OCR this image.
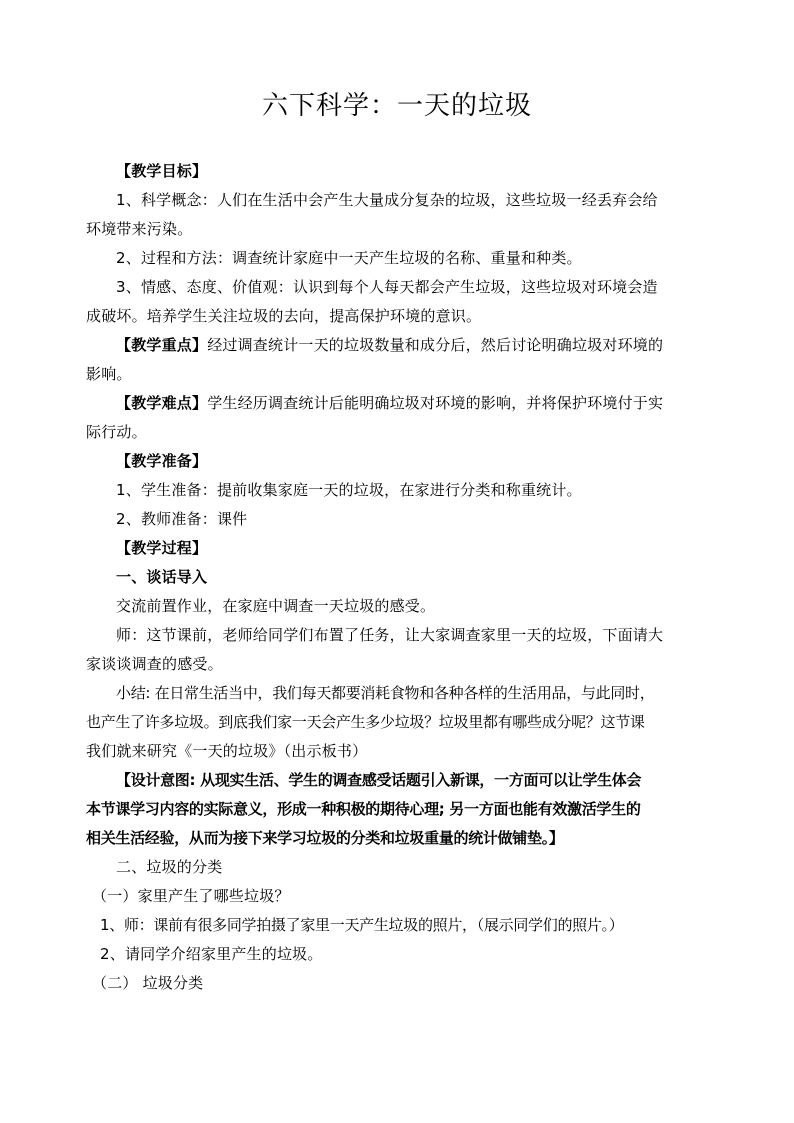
六下科学：一天的垃圾
【教学目标】
1、科学概念：人们在生活中会产生大量成分复杂的垃圾，这些垃圾一经丢弃会给
环境带来污染。
2、过程和方法：调查统计家庭中一天产生垃圾的名称、重量和种类。
3、情感、态度、价值观：认识到每个人每天都会产生垃圾，这些垃圾对环境会造
成破坏。培养学生关注垃圾的去向，提高保护环境的意识。
【教学重点】经过调查统计一天的垃圾数量和成分后，然后讨论明确垃圾对环境的
影响。
【教学难点】学生经历调查统计后能明确垃圾对环境的影响，并将保护环境付于实
际行动。
【教学准备】
1、学生准备：提前收集家庭一天的垃圾，在家进行分类和称重统计。
2、教师准备：课件
【教学过程】
一、谈话导入
交流前置作业，在家庭中调查一天垃圾的感受。
师：这节课前，老师给同学们布置了任务，让大家调查家里一天的垃圾，下面请大
家谈谈调查的感受。
小结: 在日常生活当中，我们每天都要消耗食物和各种各样的生活用品，与此同时，
也产生了许多垃圾。到底我们家一天会产生多少垃圾？垃圾里都有哪些成分呢？这节课
我们就来研究《一天的垃圾》（出示板书）
【设计意图: 从现实生活、学生的调查感受话题引入新课，一方面可以让学生体会
本节课学习内容的实际意义，形成一种积极的期待心理; 另一方面也能有效激活学生的
相关生活经验，从而为接下来学习垃圾的分类和垃圾重量的统计做铺垫。】
二、垃圾的分类
（一）家里产生了哪些垃圾？
1、师：课前有很多同学拍摄了家里一天产生垃圾的照片，（展示同学们的照片。）
2、请同学介绍家里产生的垃圾。
（二） 垃圾分类
